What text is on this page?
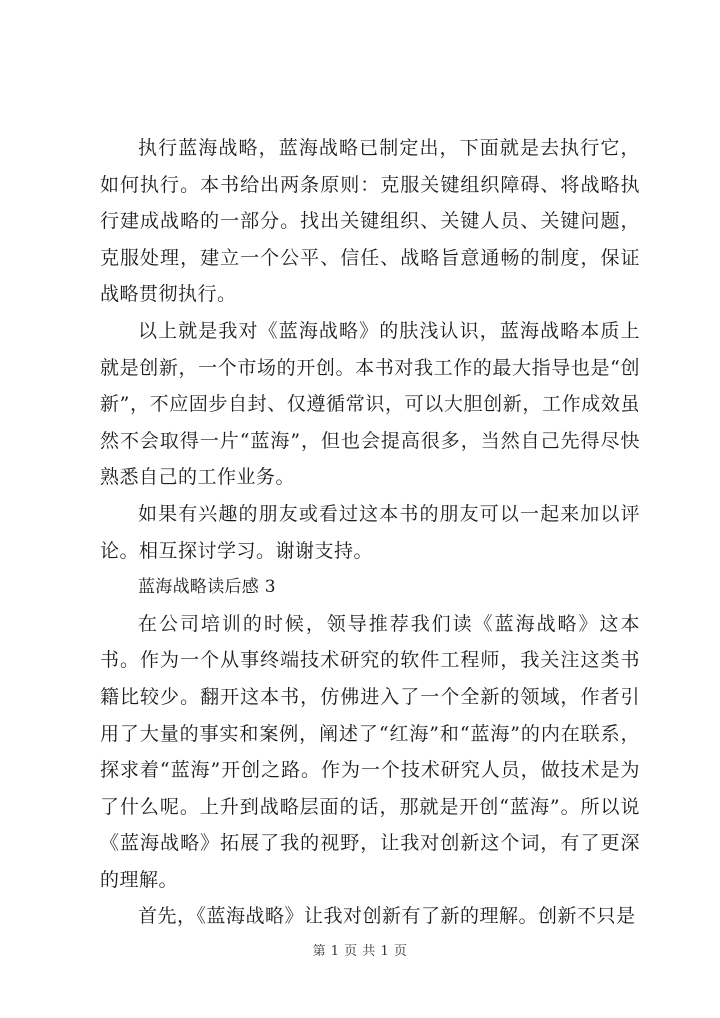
执行蓝海战略，蓝海战略已制定出，下面就是去执行它，如何执行。本书给出两条原则：克服关键组织障碍、将战略执行建成战略的一部分。找出关键组织、关键人员、关键问题，克服处理，建立一个公平、信任、战略旨意通畅的制度，保证战略贯彻执行。

以上就是我对《蓝海战略》的肤浅认识，蓝海战略本质上就是创新，一个市场的开创。本书对我工作的最大指导也是“创新”，不应固步自封、仅遵循常识，可以大胆创新，工作成效虽然不会取得一片“蓝海”，但也会提高很多，当然自己先得尽快熟悉自己的工作业务。

如果有兴趣的朋友或看过这本书的朋友可以一起来加以评论。相互探讨学习。谢谢支持。

蓝海战略读后感 3

在公司培训的时候，领导推荐我们读《蓝海战略》这本书。作为一个从事终端技术研究的软件工程师，我关注这类书籍比较少。翻开这本书，仿佛进入了一个全新的领域，作者引用了大量的事实和案例，阐述了“红海”和“蓝海”的内在联系，探求着“蓝海”开创之路。作为一个技术研究人员，做技术是为了什么呢。上升到战略层面的话，那就是开创“蓝海”。所以说《蓝海战略》拓展了我的视野，让我对创新这个词，有了更深的理解。

首先，《蓝海战略》让我对创新有了新的理解。创新不只是

第 1 页 共 1 页
